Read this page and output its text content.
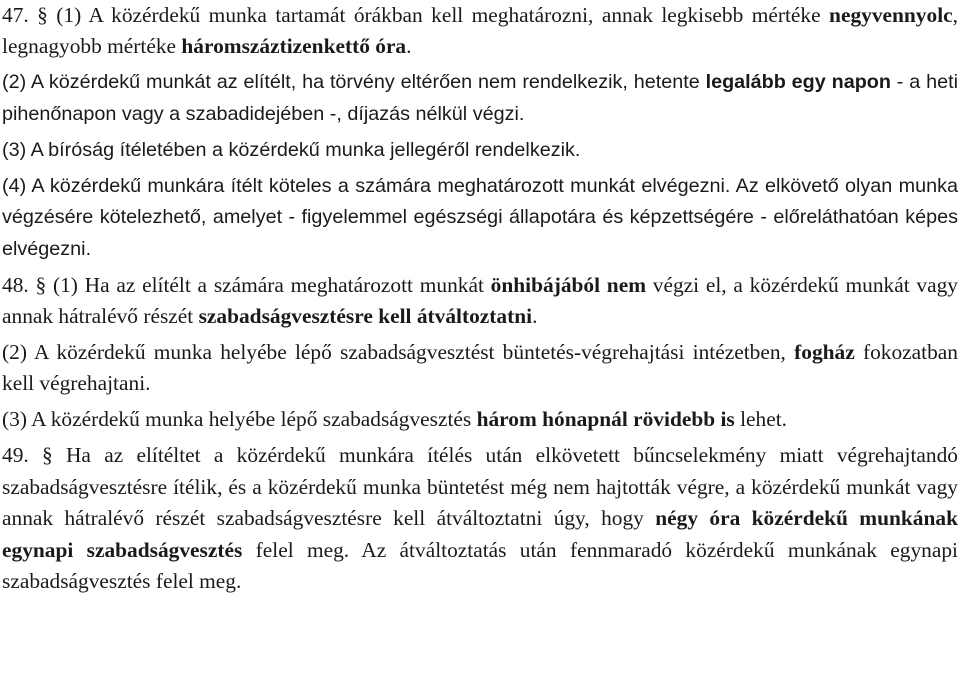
47. § (1) A közérdekű munka tartamát órákban kell meghatározni, annak legkisebb mértéke negyvennyolc, legnagyobb mértéke háromszáztizenkettő óra.

(2) A közérdekű munkát az elítélt, ha törvény eltérően nem rendelkezik, hetente legalább egy napon - a heti pihenőnapon vagy a szabadidejében -, díjazás nélkül végzi.

(3) A bíróság ítéletében a közérdekű munka jellegéről rendelkezik.

(4) A közérdekű munkára ítélt köteles a számára meghatározott munkát elvégezni. Az elkövető olyan munka végzésére kötelezhető, amelyet - figyelemmel egészségi állapotára és képzettségére - előreláthatóan képes elvégezni.

48. § (1) Ha az elítélt a számára meghatározott munkát önhibájából nem végzi el, a közérdekű munkát vagy annak hátralévő részét szabadságvesztésre kell átváltoztatni.

(2) A közérdekű munka helyébe lépő szabadságvesztést büntetés-végrehajtási intézetben, fogház fokozatban kell végrehajtani.

(3) A közérdekű munka helyébe lépő szabadságvesztés három hónapnál rövidebb is lehet.

49. § Ha az elítéltet a közérdekű munkára ítélés után elkövetett bűncselekmény miatt végrehajtandó szabadságvesztésre ítélik, és a közérdekű munka büntetést még nem hajtották végre, a közérdekű munkát vagy annak hátralévő részét szabadságvesztésre kell átváltoztatni úgy, hogy négy óra közérdekű munkának egynapi szabadságvesztés felel meg. Az átváltoztatás után fennmaradó közérdekű munkának egynapi szabadságvesztés felel meg.
